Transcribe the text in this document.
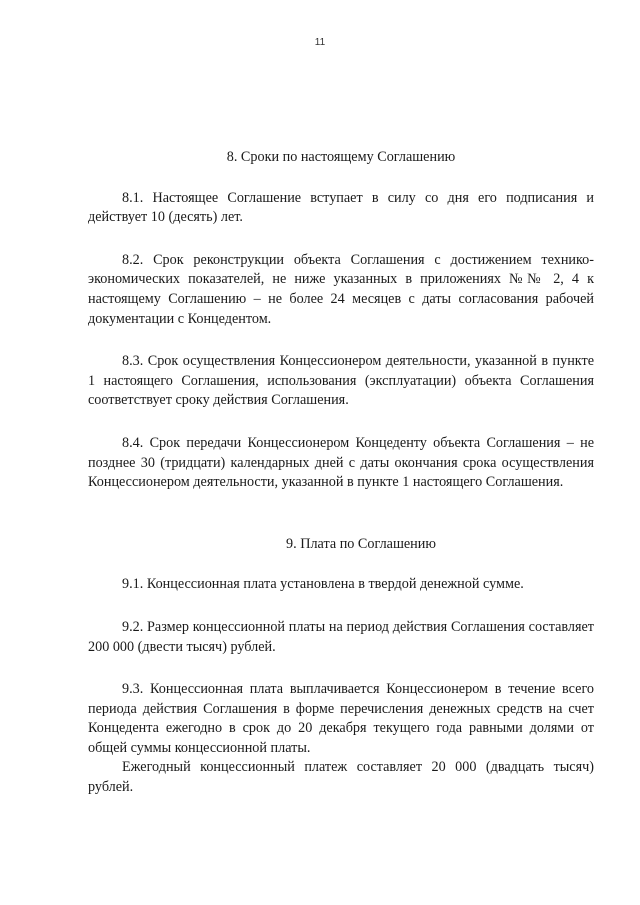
11

8. Сроки по настоящему Соглашению

8.1. Настоящее Соглашение вступает в силу со дня его подписания и действует 10 (десять) лет.

8.2. Срок реконструкции объекта Соглашения с достижением технико-экономических показателей, не ниже указанных в приложениях №№ 2, 4 к настоящему Соглашению – не более 24 месяцев с даты согласования рабочей документации с Концедентом.

8.3. Срок осуществления Концессионером деятельности, указанной в пункте 1 настоящего Соглашения, использования (эксплуатации) объекта Соглашения соответствует сроку действия Соглашения.

8.4. Срок передачи Концессионером Концеденту объекта Соглашения – не позднее 30 (тридцати) календарных дней с даты окончания срока осуществления Концессионером деятельности, указанной в пункте 1 настоящего Соглашения.

9. Плата по Соглашению

9.1. Концессионная плата установлена в твердой денежной сумме.

9.2. Размер концессионной платы на период действия Соглашения составляет 200 000 (двести тысяч) рублей.

9.3. Концессионная плата выплачивается Концессионером в течение всего периода действия Соглашения в форме перечисления денежных средств на счет Концедента ежегодно в срок до 20 декабря текущего года равными долями от общей суммы концессионной платы.

Ежегодный концессионный платеж составляет 20 000 (двадцать тысяч) рублей.
